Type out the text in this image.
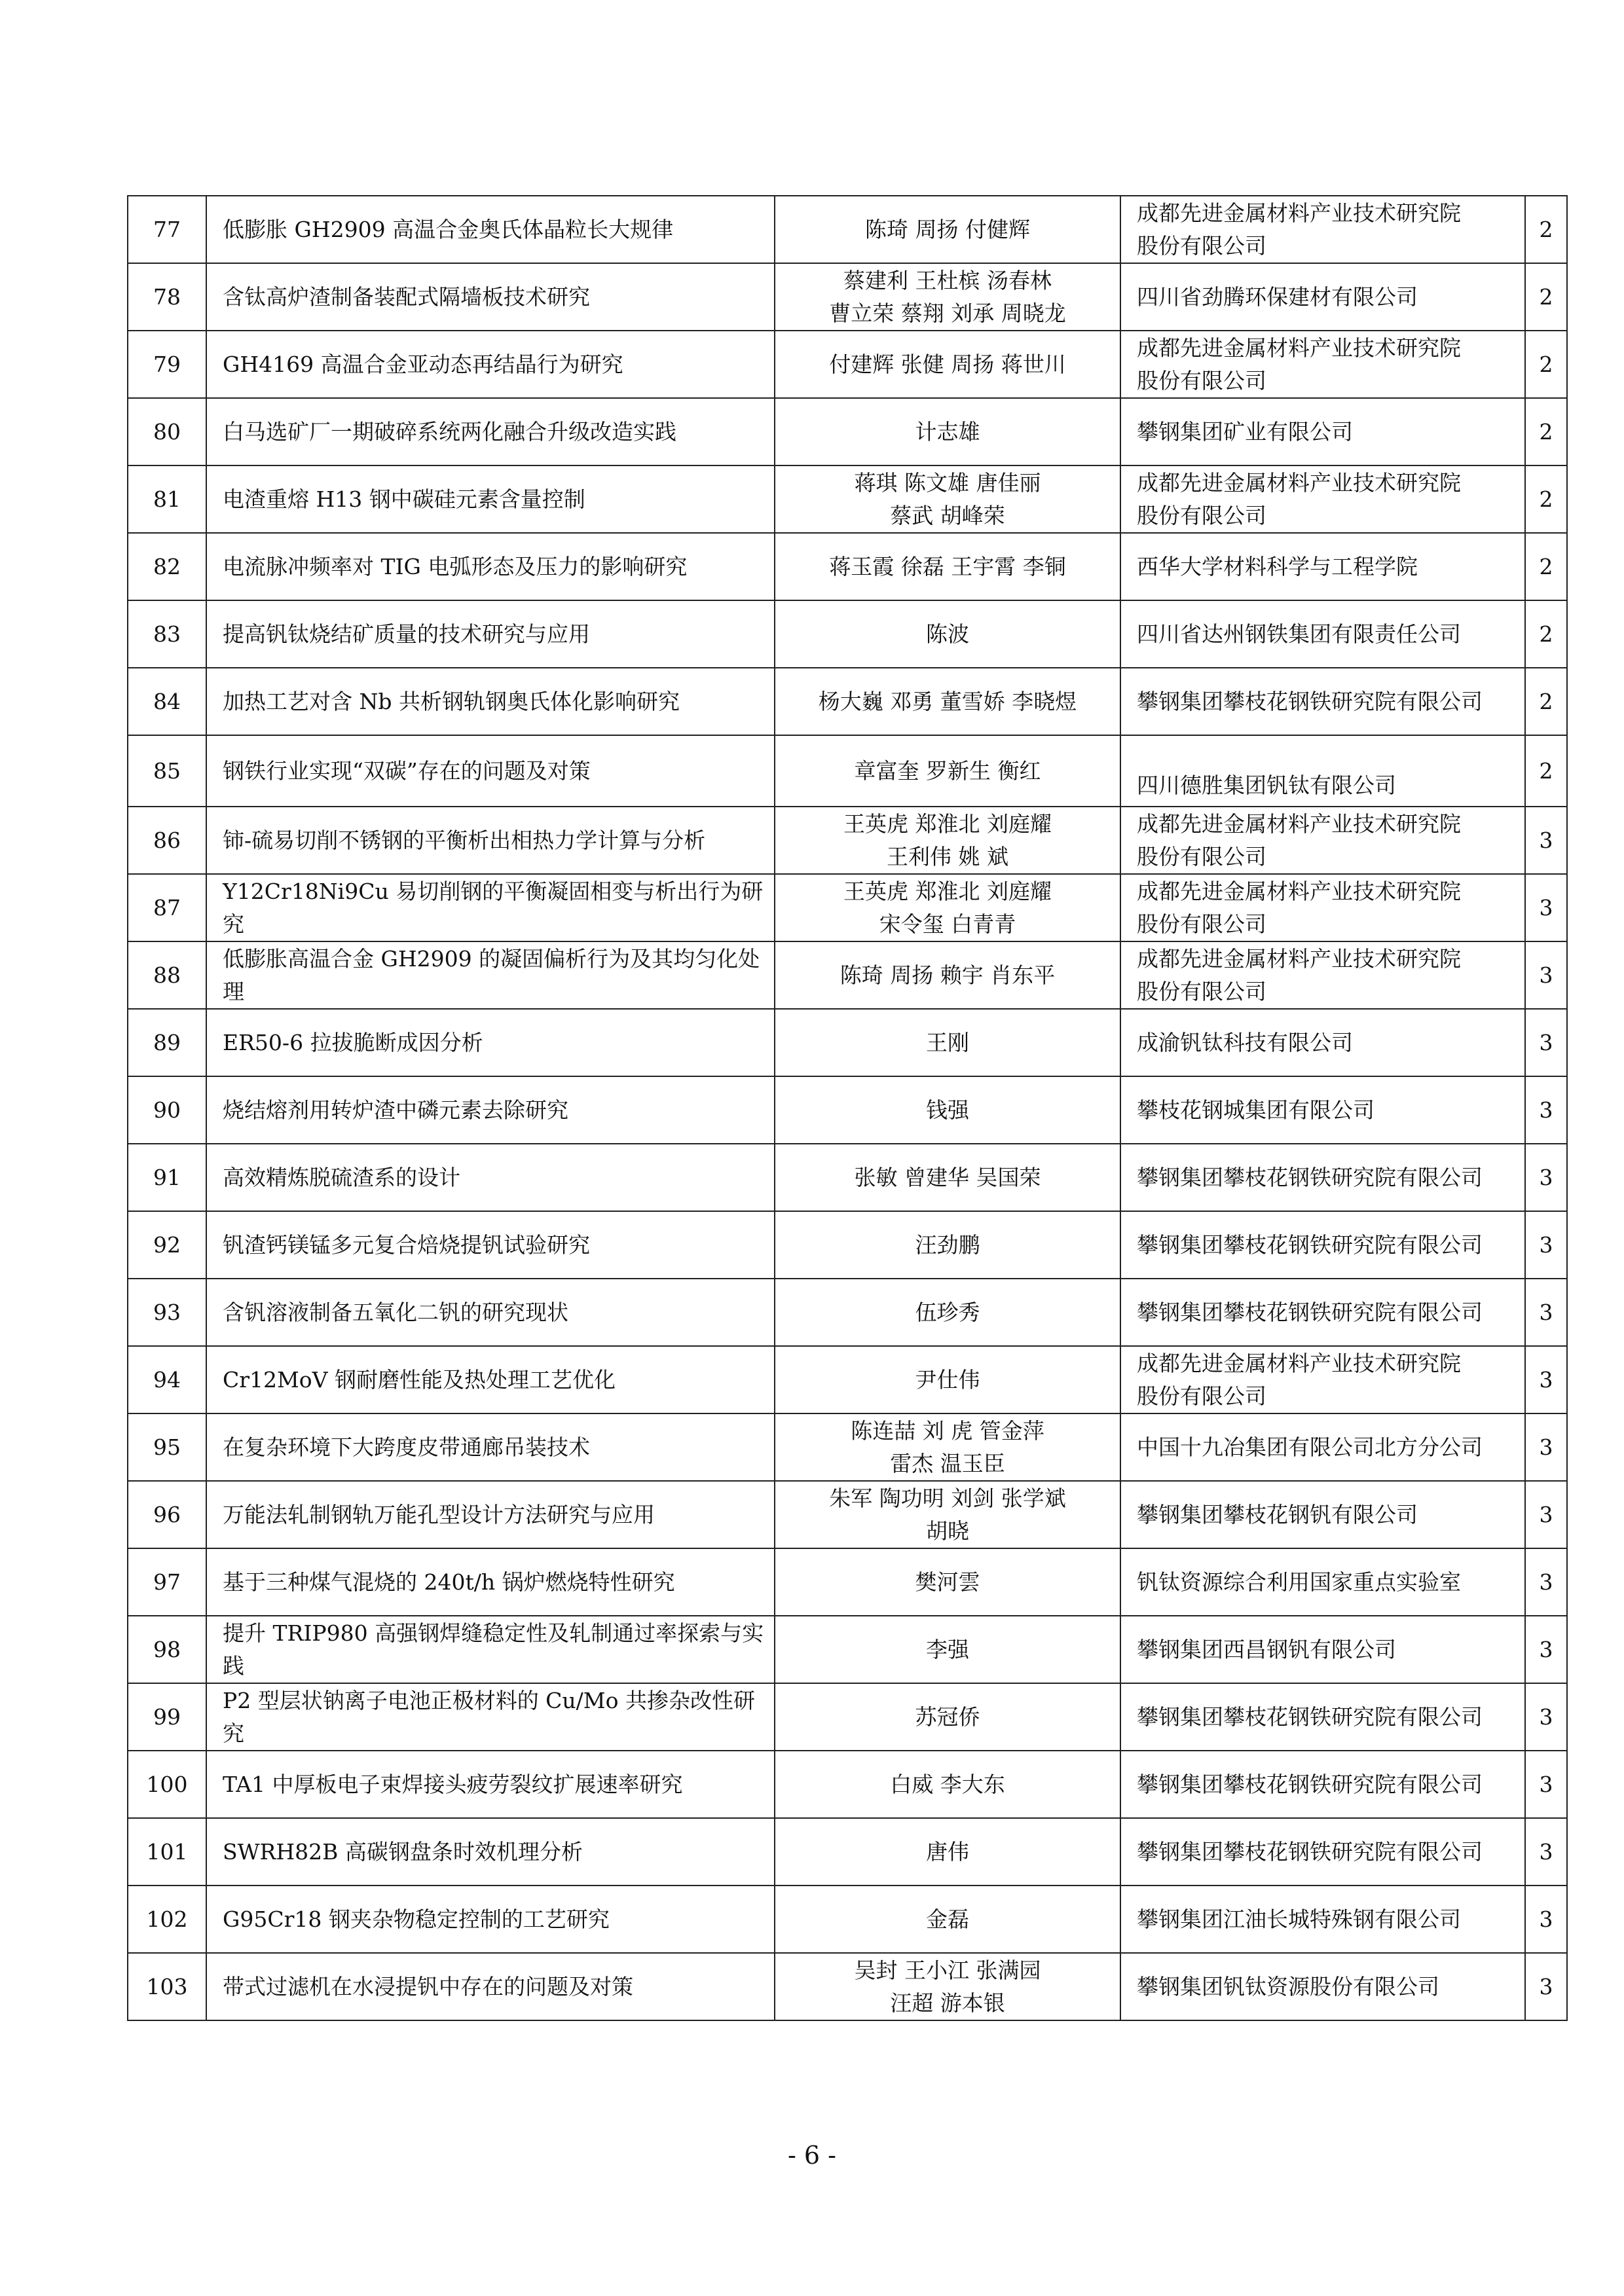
77	低膨胀 GH2909 高温合金奥氏体晶粒长大规律	陈琦 周扬 付健辉	成都先进金属材料产业技术研究院
股份有限公司	2
78	含钛高炉渣制备装配式隔墙板技术研究	蔡建利 王杜槟 汤春林
曹立荣 蔡翔 刘承 周晓龙	四川省劲腾环保建材有限公司	2
79	GH4169 高温合金亚动态再结晶行为研究	付建辉 张健 周扬 蒋世川	成都先进金属材料产业技术研究院
股份有限公司	2
80	白马选矿厂一期破碎系统两化融合升级改造实践	计志雄	攀钢集团矿业有限公司	2
81	电渣重熔 H13 钢中碳硅元素含量控制	蒋琪 陈文雄 唐佳丽
蔡武 胡峰荣	成都先进金属材料产业技术研究院
股份有限公司	2
82	电流脉冲频率对 TIG 电弧形态及压力的影响研究	蒋玉霞 徐磊 王宇霄 李铜	西华大学材料科学与工程学院	2
83	提高钒钛烧结矿质量的技术研究与应用	陈波	四川省达州钢铁集团有限责任公司	2
84	加热工艺对含 Nb 共析钢轨钢奥氏体化影响研究	杨大巍 邓勇 董雪娇 李晓煜	攀钢集团攀枝花钢铁研究院有限公司	2
85	钢铁行业实现“双碳”存在的问题及对策	章富奎 罗新生 衡红	四川德胜集团钒钛有限公司	2
86	铈-硫易切削不锈钢的平衡析出相热力学计算与分析	王英虎 郑淮北 刘庭耀
王利伟 姚 斌	成都先进金属材料产业技术研究院
股份有限公司	3
87	Y12Cr18Ni9Cu 易切削钢的平衡凝固相变与析出行为研究	王英虎 郑淮北 刘庭耀
宋令玺 白青青	成都先进金属材料产业技术研究院
股份有限公司	3
88	低膨胀高温合金 GH2909 的凝固偏析行为及其均匀化处理	陈琦 周扬 赖宇 肖东平	成都先进金属材料产业技术研究院
股份有限公司	3
89	ER50-6 拉拔脆断成因分析	王刚	成渝钒钛科技有限公司	3
90	烧结熔剂用转炉渣中磷元素去除研究	钱强	攀枝花钢城集团有限公司	3
91	高效精炼脱硫渣系的设计	张敏 曾建华 吴国荣	攀钢集团攀枝花钢铁研究院有限公司	3
92	钒渣钙镁锰多元复合焙烧提钒试验研究	汪劲鹏	攀钢集团攀枝花钢铁研究院有限公司	3
93	含钒溶液制备五氧化二钒的研究现状	伍珍秀	攀钢集团攀枝花钢铁研究院有限公司	3
94	Cr12MoV 钢耐磨性能及热处理工艺优化	尹仕伟	成都先进金属材料产业技术研究院
股份有限公司	3
95	在复杂环境下大跨度皮带通廊吊装技术	陈连喆 刘 虎 管金萍
雷杰 温玉臣	中国十九冶集团有限公司北方分公司	3
96	万能法轧制钢轨万能孔型设计方法研究与应用	朱军 陶功明 刘剑 张学斌
胡晓	攀钢集团攀枝花钢钒有限公司	3
97	基于三种煤气混烧的 240t/h 锅炉燃烧特性研究	樊河雲	钒钛资源综合利用国家重点实验室	3
98	提升 TRIP980 高强钢焊缝稳定性及轧制通过率探索与实践	李强	攀钢集团西昌钢钒有限公司	3
99	P2 型层状钠离子电池正极材料的 Cu/Mo 共掺杂改性研究	苏冠侨	攀钢集团攀枝花钢铁研究院有限公司	3
100	TA1 中厚板电子束焊接头疲劳裂纹扩展速率研究	白威 李大东	攀钢集团攀枝花钢铁研究院有限公司	3
101	SWRH82B 高碳钢盘条时效机理分析	唐伟	攀钢集团攀枝花钢铁研究院有限公司	3
102	G95Cr18 钢夹杂物稳定控制的工艺研究	金磊	攀钢集团江油长城特殊钢有限公司	3
103	带式过滤机在水浸提钒中存在的问题及对策	吴封 王小江 张满园
汪超 游本银	攀钢集团钒钛资源股份有限公司	3
- 6 -
